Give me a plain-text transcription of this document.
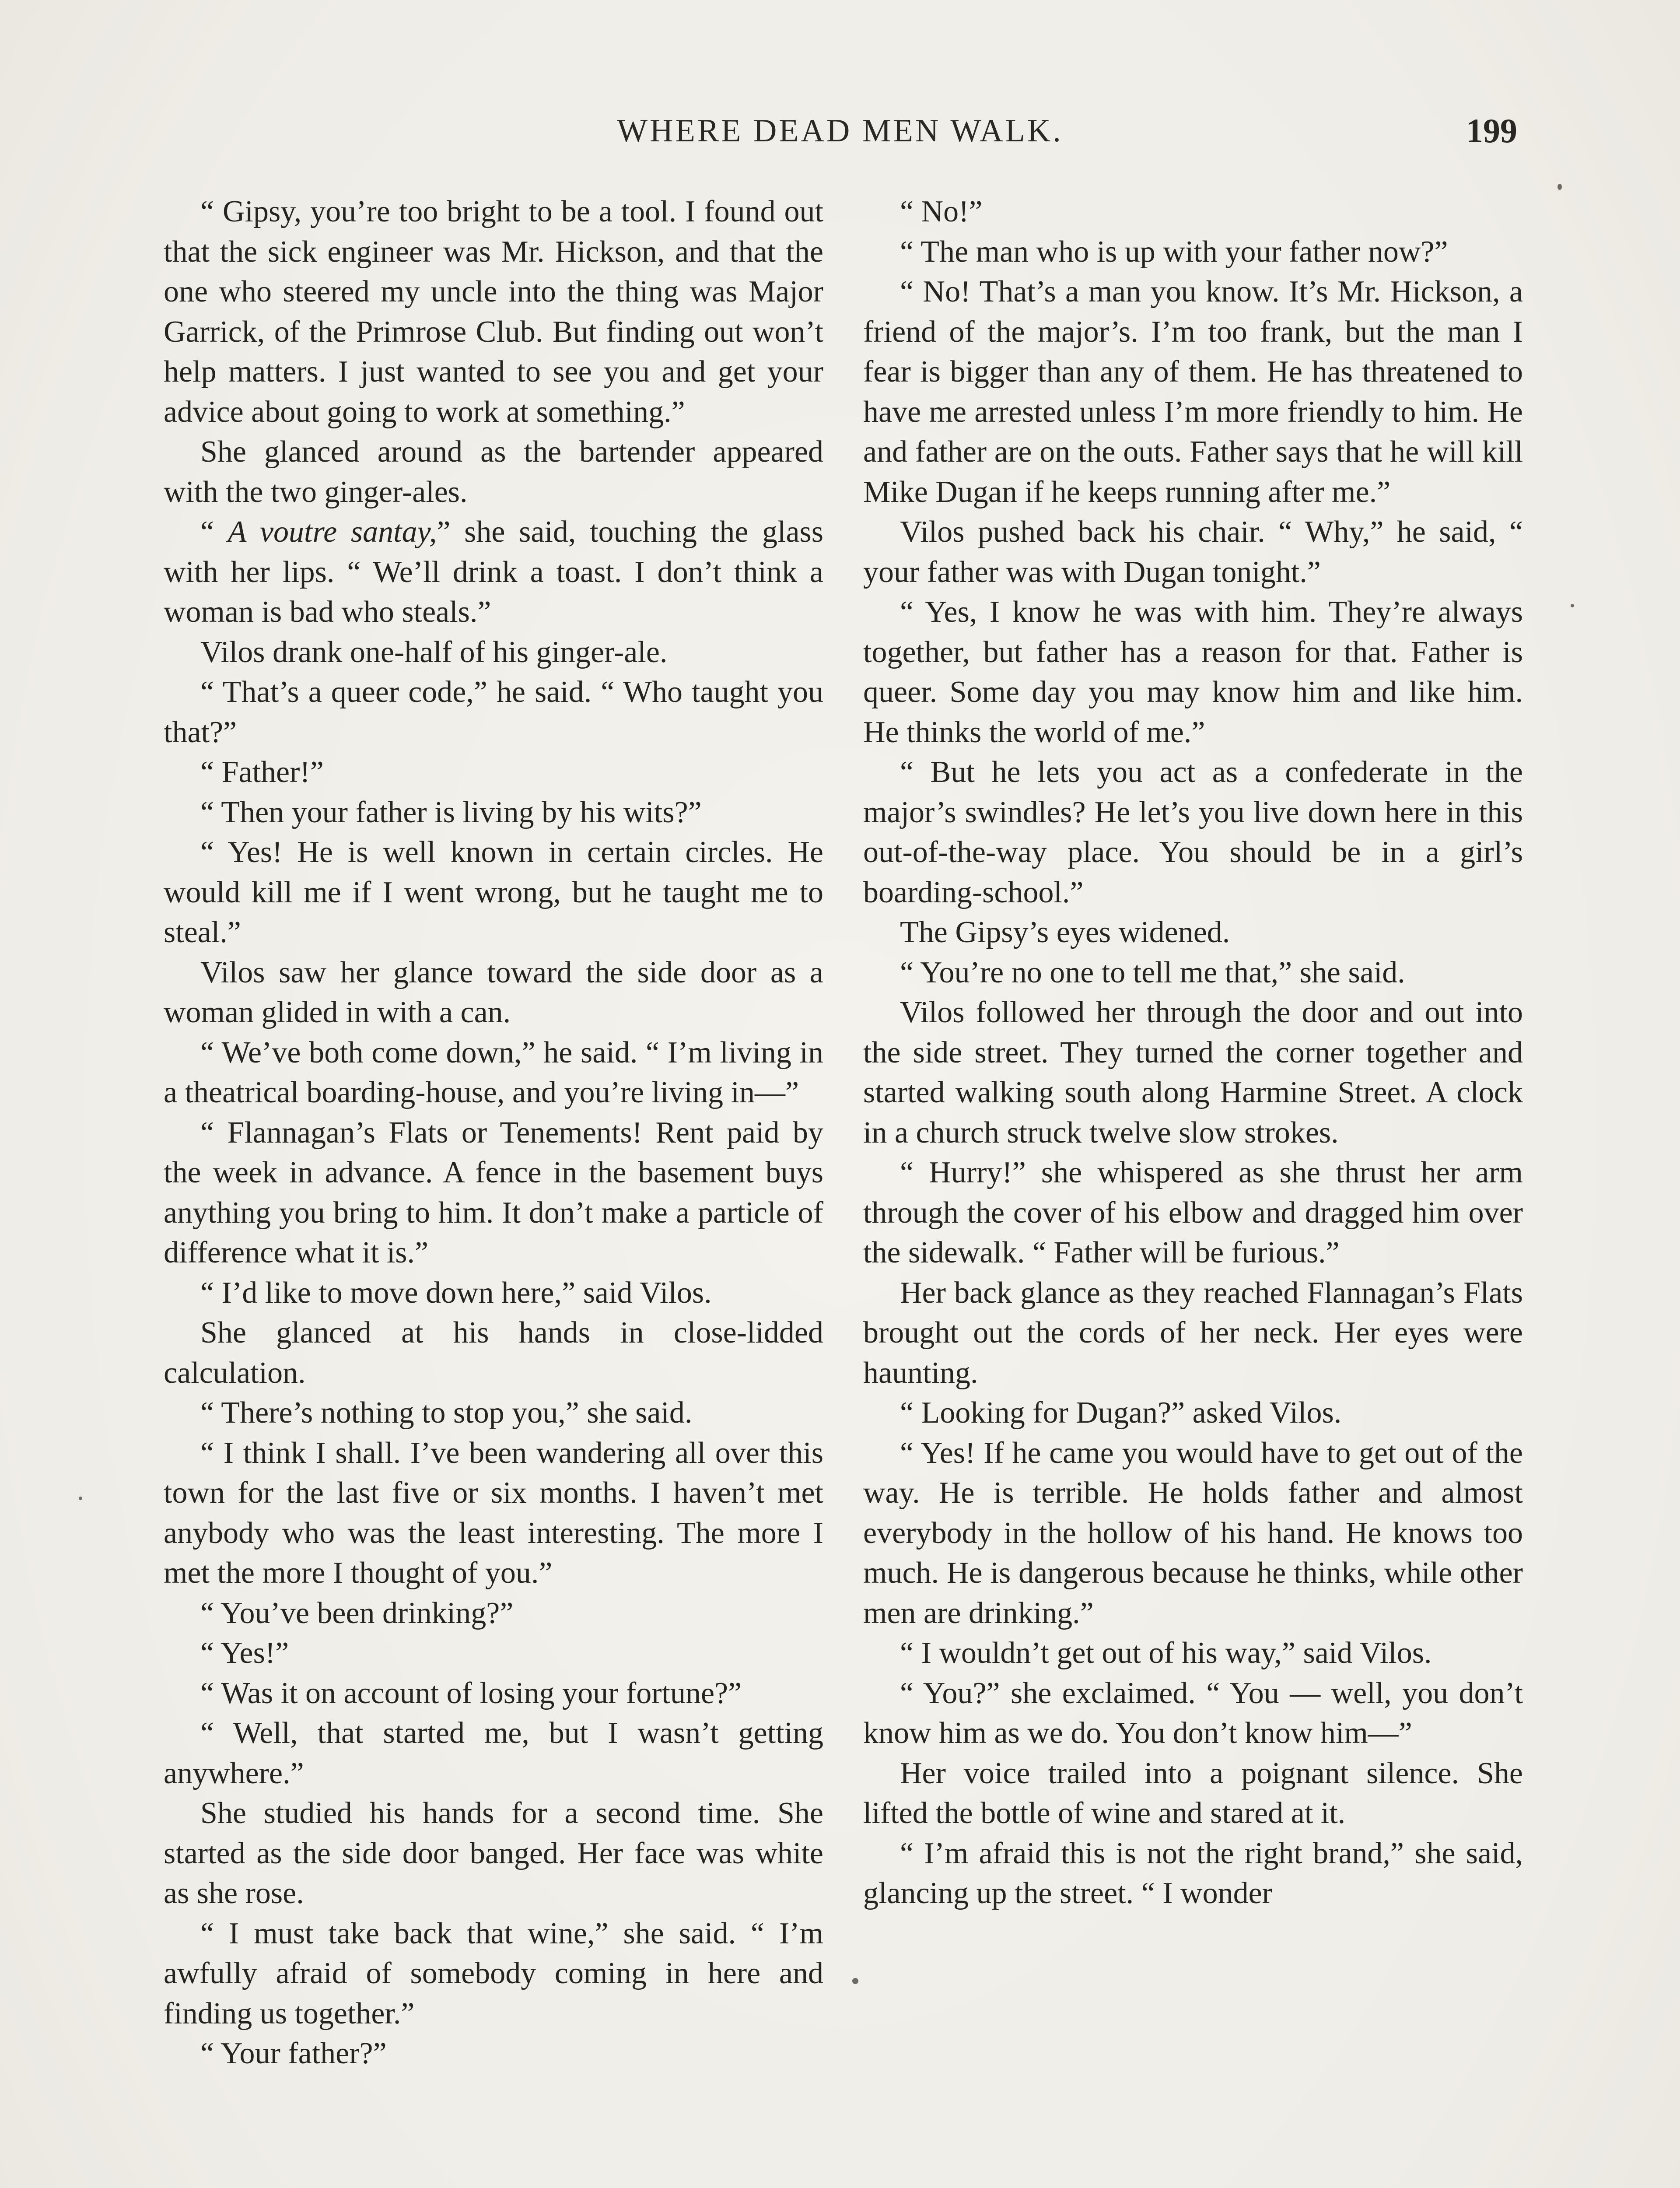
WHERE DEAD MEN WALK.	199

“ Gipsy, you’re too bright to be a tool. I found out that the sick engineer was Mr. Hickson, and that the one who steered my uncle into the thing was Major Garrick, of the Primrose Club. But finding out won’t help matters. I just wanted to see you and get your advice about going to work at something.”

She glanced around as the bartender appeared with the two ginger-ales.

“ A voutre santay,” she said, touching the glass with her lips. “ We’ll drink a toast. I don’t think a woman is bad who steals.”

Vilos drank one-half of his ginger-ale.

“ That’s a queer code,” he said. “ Who taught you that?”

“ Father!”

“ Then your father is living by his wits?”

“ Yes! He is well known in certain circles. He would kill me if I went wrong, but he taught me to steal.”

Vilos saw her glance toward the side door as a woman glided in with a can.

“ We’ve both come down,” he said. “ I’m living in a theatrical boarding-house, and you’re living in—”

“ Flannagan’s Flats or Tenements! Rent paid by the week in advance. A fence in the basement buys anything you bring to him. It don’t make a particle of difference what it is.”

“ I’d like to move down here,” said Vilos.

She glanced at his hands in close-lidded calculation.

“ There’s nothing to stop you,” she said.

“ I think I shall. I’ve been wandering all over this town for the last five or six months. I haven’t met anybody who was the least interesting. The more I met the more I thought of you.”

“ You’ve been drinking?”

“ Yes!”

“ Was it on account of losing your fortune?”

“ Well, that started me, but I wasn’t getting anywhere.”

She studied his hands for a second time. She started as the side door banged. Her face was white as she rose.

“ I must take back that wine,” she said. “ I’m awfully afraid of somebody coming in here and finding us together.”

“ Your father?”

“ No!”

“ The man who is up with your father now?”

“ No! That’s a man you know. It’s Mr. Hickson, a friend of the major’s. I’m too frank, but the man I fear is bigger than any of them. He has threatened to have me arrested unless I’m more friendly to him. He and father are on the outs. Father says that he will kill Mike Dugan if he keeps running after me.”

Vilos pushed back his chair. “ Why,” he said, “ your father was with Dugan tonight.”

“ Yes, I know he was with him. They’re always together, but father has a reason for that. Father is queer. Some day you may know him and like him. He thinks the world of me.”

“ But he lets you act as a confederate in the major’s swindles? He let’s you live down here in this out-of-the-way place. You should be in a girl’s boarding-school.”

The Gipsy’s eyes widened.

“ You’re no one to tell me that,” she said.

Vilos followed her through the door and out into the side street. They turned the corner together and started walking south along Harmine Street. A clock in a church struck twelve slow strokes.

“ Hurry!” she whispered as she thrust her arm through the cover of his elbow and dragged him over the sidewalk. “ Father will be furious.”

Her back glance as they reached Flannagan’s Flats brought out the cords of her neck. Her eyes were haunting.

“ Looking for Dugan?” asked Vilos.

“ Yes! If he came you would have to get out of the way. He is terrible. He holds father and almost everybody in the hollow of his hand. He knows too much. He is dangerous because he thinks, while other men are drinking.”

“ I wouldn’t get out of his way,” said Vilos.

“ You?” she exclaimed. “ You — well, you don’t know him as we do. You don’t know him—”

Her voice trailed into a poignant silence. She lifted the bottle of wine and stared at it.

“ I’m afraid this is not the right brand,” she said, glancing up the street. “ I wonder
